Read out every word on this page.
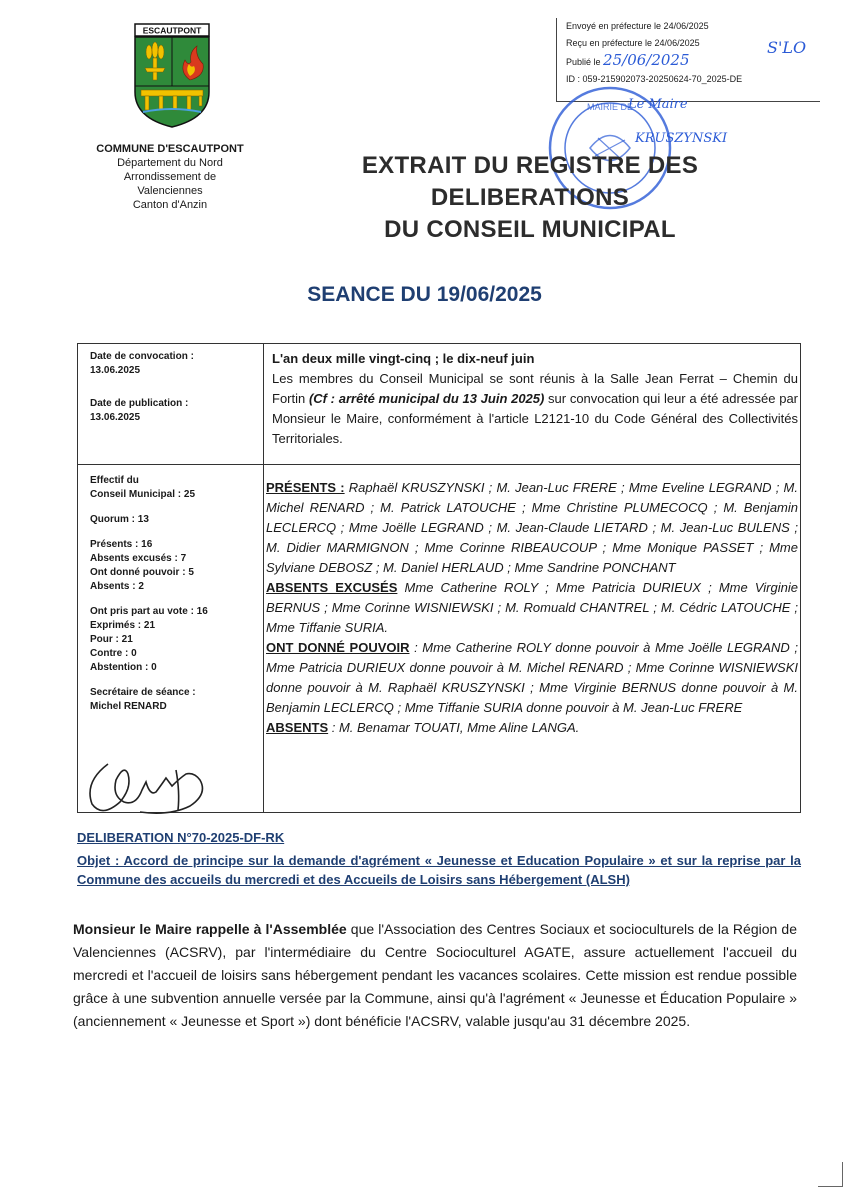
ESCAUTPONT
COMMUNE D'ESCAUTPONT
Département du Nord
Arrondissement de
Valenciennes
Canton d'Anzin
Envoyé en préfecture le 24/06/2025
Reçu en préfecture le 24/06/2025
Publié le 25/06/2025
ID : 059-215902073-20250624-70_2025-DE
S'LO
MAIRIE DE
Le Maire
KRUSZYNSKI
EXTRAIT DU REGISTRE DES DELIBERATIONS
DU CONSEIL MUNICIPAL
SEANCE DU 19/06/2025
Date de convocation :
13.06.2025
Date de publication :
13.06.2025
L'an deux mille vingt-cinq ; le dix-neuf juin
Les membres du Conseil Municipal se sont réunis à la Salle Jean Ferrat – Chemin du Fortin (Cf : arrêté municipal du 13 Juin 2025) sur convocation qui leur a été adressée par Monsieur le Maire, conformément à l'article L2121-10 du Code Général des Collectivités Territoriales.
Effectif du
Conseil Municipal : 25
Quorum : 13
Présents : 16
Absents excusés : 7
Ont donné pouvoir : 5
Absents : 2
Ont pris part au vote : 16
Exprimés : 21
Pour : 21
Contre : 0
Abstention : 0
Secrétaire de séance :
Michel RENARD
PRÉSENTS : Raphaël KRUSZYNSKI ; M. Jean-Luc FRERE ; Mme Eveline LEGRAND ; M. Michel RENARD ; M. Patrick LATOUCHE ; Mme Christine PLUMECOCQ ; M. Benjamin LECLERCQ ; Mme Joëlle LEGRAND ; M. Jean-Claude LIETARD ; M. Jean-Luc BULENS ; M. Didier MARMIGNON ; Mme Corinne RIBEAUCOUP ; Mme Monique PASSET ; Mme Sylviane DEBOSZ ; M. Daniel HERLAUD ; Mme Sandrine PONCHANT
ABSENTS EXCUSÉS Mme Catherine ROLY ; Mme Patricia DURIEUX ; Mme Virginie BERNUS ; Mme Corinne WISNIEWSKI ; M. Romuald CHANTREL ; M. Cédric LATOUCHE ; Mme Tiffanie SURIA.
ONT DONNÉ POUVOIR : Mme Catherine ROLY donne pouvoir à Mme Joëlle LEGRAND ; Mme Patricia DURIEUX donne pouvoir à M. Michel RENARD ; Mme Corinne WISNIEWSKI donne pouvoir à M. Raphaël KRUSZYNSKI ; Mme Virginie BERNUS donne pouvoir à M. Benjamin LECLERCQ ; Mme Tiffanie SURIA donne pouvoir à M. Jean-Luc FRERE
ABSENTS : M. Benamar TOUATI, Mme Aline LANGA.
DELIBERATION N°70-2025-DF-RK
Objet : Accord de principe sur la demande d'agrément « Jeunesse et Education Populaire » et sur la reprise par la Commune des accueils du mercredi et des Accueils de Loisirs sans Hébergement (ALSH)
Monsieur le Maire rappelle à l'Assemblée que l'Association des Centres Sociaux et socioculturels de la Région de Valenciennes (ACSRV), par l'intermédiaire du Centre Socioculturel AGATE, assure actuellement l'accueil du mercredi et l'accueil de loisirs sans hébergement pendant les vacances scolaires. Cette mission est rendue possible grâce à une subvention annuelle versée par la Commune, ainsi qu'à l'agrément « Jeunesse et Éducation Populaire » (anciennement « Jeunesse et Sport ») dont bénéficie l'ACSRV, valable jusqu'au 31 décembre 2025.
